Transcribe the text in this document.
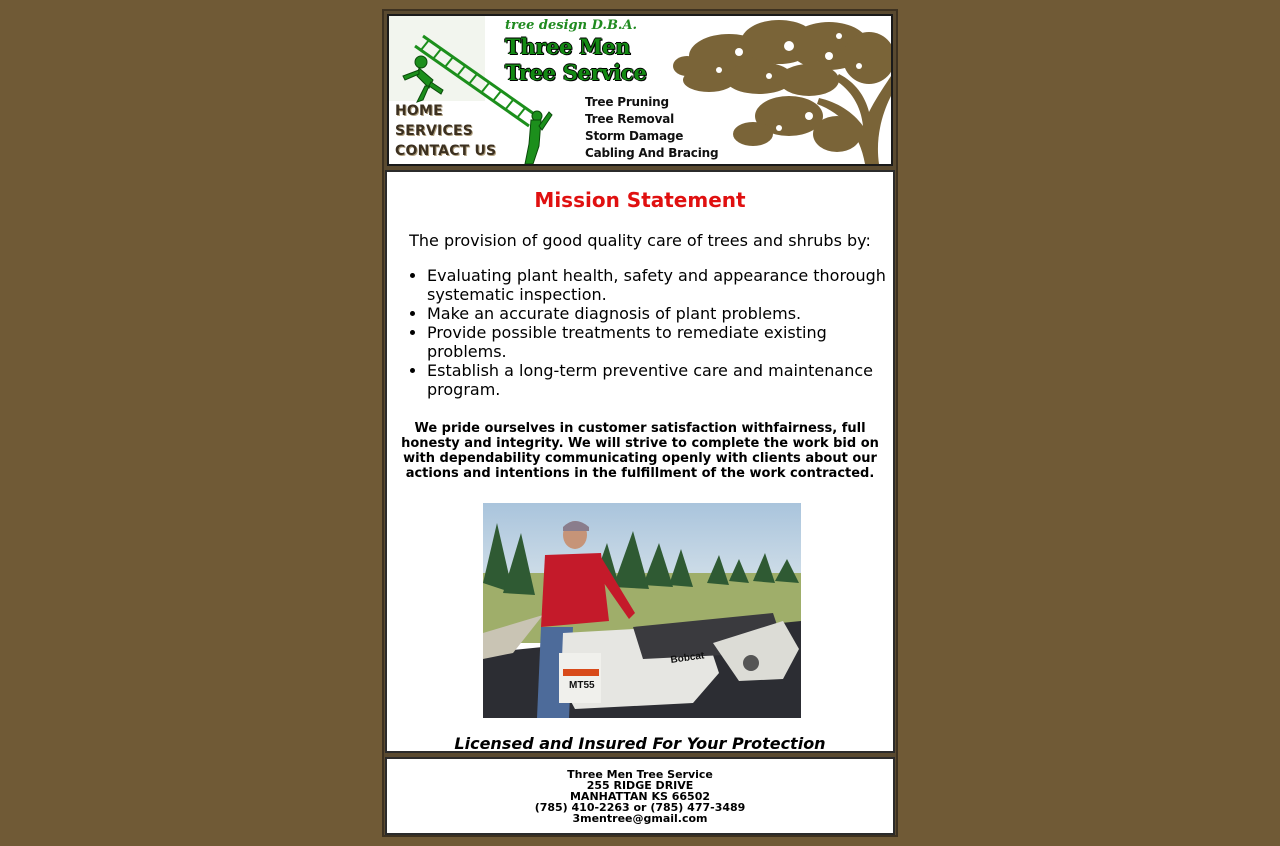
tree design D.B.A.
Three Men
Tree Service
HOME
SERVICES
CONTACT US
Tree Pruning
Tree Removal
Storm Damage
Cabling And Bracing
Mission Statement
The provision of good quality care of trees and shrubs by:
• Evaluating plant health, safety and appearance thorough systematic inspection.
• Make an accurate diagnosis of plant problems.
• Provide possible treatments to remediate existing problems.
• Establish a long-term preventive care and maintenance program.
We pride ourselves in customer satisfaction withfairness, full honesty and integrity. We will strive to complete the work bid on with dependability communicating openly with clients about our actions and intentions in the fulfillment of the work contracted.
MT55
Bobcat
Licensed and Insured For Your Protection
Three Men Tree Service
255 RIDGE DRIVE
MANHATTAN KS 66502
(785) 410-2263 or (785) 477-3489
3mentree@gmail.com
